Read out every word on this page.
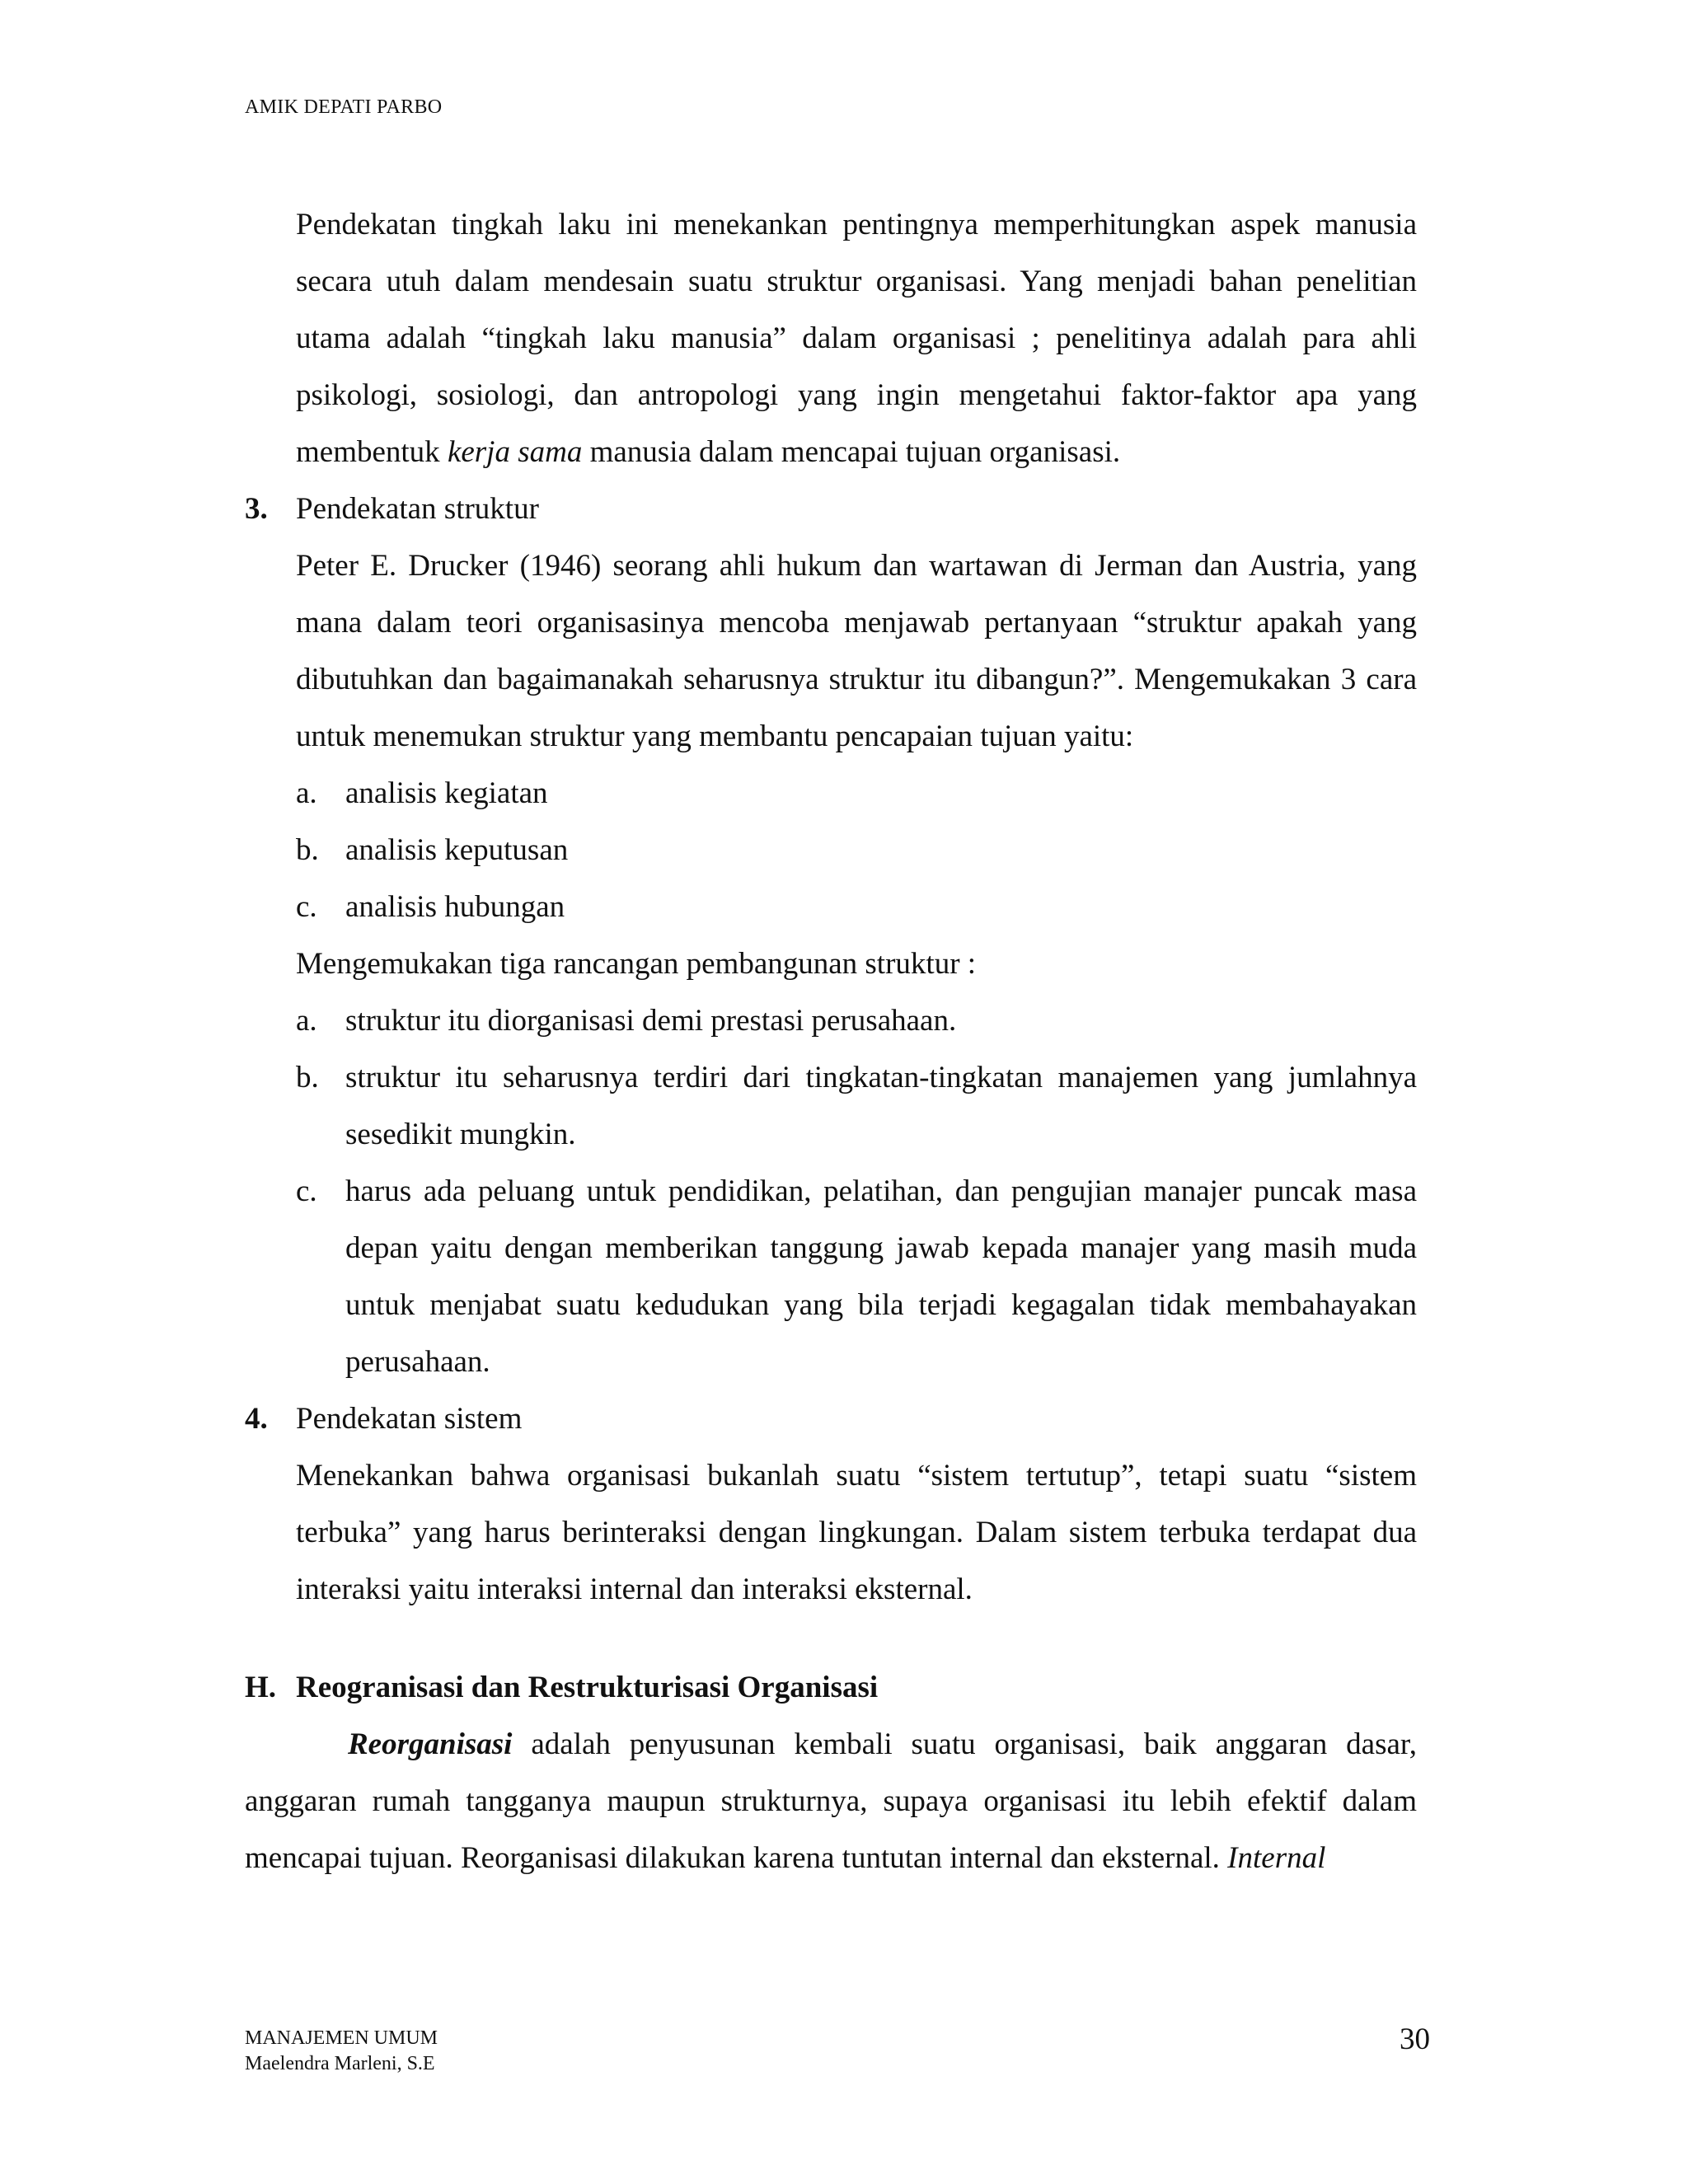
AMIK DEPATI PARBO

Pendekatan tingkah laku ini menekankan pentingnya memperhitungkan aspek manusia secara utuh dalam mendesain suatu struktur organisasi. Yang menjadi bahan penelitian utama adalah “tingkah laku manusia” dalam organisasi ; penelitinya adalah para ahli psikologi, sosiologi, dan antropologi yang ingin mengetahui faktor-faktor apa yang membentuk kerja sama manusia dalam mencapai tujuan organisasi.

3. Pendekatan struktur

Peter E. Drucker (1946) seorang ahli hukum dan wartawan di Jerman dan Austria, yang mana dalam teori organisasinya mencoba menjawab pertanyaan “struktur apakah yang dibutuhkan dan bagaimanakah seharusnya struktur itu dibangun?”. Mengemukakan 3 cara untuk menemukan struktur yang membantu pencapaian tujuan yaitu:

a. analisis kegiatan

b. analisis keputusan

c. analisis hubungan

Mengemukakan tiga rancangan pembangunan struktur :

a. struktur itu diorganisasi demi prestasi perusahaan.

b. struktur itu seharusnya terdiri dari tingkatan-tingkatan manajemen yang jumlahnya sesedikit mungkin.

c. harus ada peluang untuk pendidikan, pelatihan, dan pengujian manajer puncak masa depan yaitu dengan memberikan tanggung jawab kepada manajer yang masih muda untuk menjabat suatu kedudukan yang bila terjadi kegagalan tidak membahayakan perusahaan.

4. Pendekatan sistem

Menekankan bahwa organisasi bukanlah suatu “sistem tertutup”, tetapi suatu “sistem terbuka” yang harus berinteraksi dengan lingkungan. Dalam sistem terbuka terdapat dua interaksi yaitu interaksi internal dan interaksi eksternal.

H. Reogranisasi dan Restrukturisasi Organisasi

Reorganisasi adalah penyusunan kembali suatu organisasi, baik anggaran dasar, anggaran rumah tangganya maupun strukturnya, supaya organisasi itu lebih efektif dalam mencapai tujuan. Reorganisasi dilakukan karena tuntutan internal dan eksternal. Internal

MANAJEMEN UMUM
Maelendra Marleni, S.E
30
